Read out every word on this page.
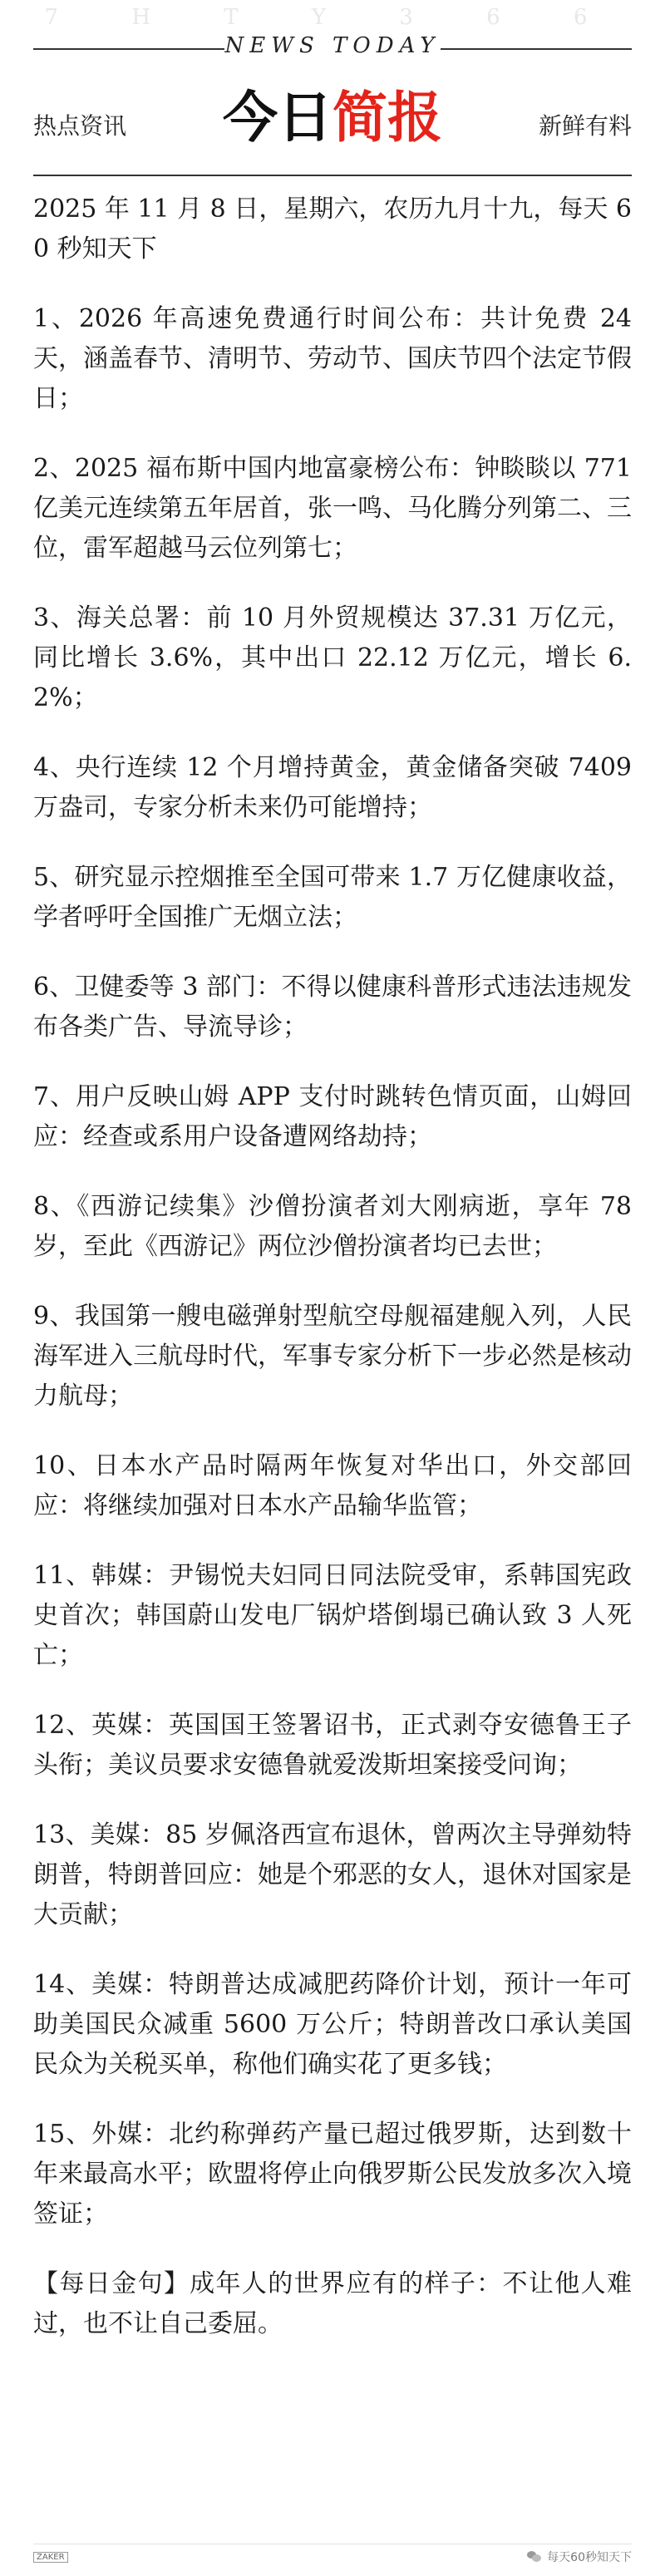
7 H T Y 3 6 6
NEWS TODAY
热点资讯	今日简报	新鲜有料

2025 年 11 月 8 日，星期六，农历九月十九，每天 60 秒知天下

1、2026 年高速免费通行时间公布：共计免费 24 天，涵盖春节、清明节、劳动节、国庆节四个法定节假日；

2、2025 福布斯中国内地富豪榜公布：钟睒睒以 771 亿美元连续第五年居首，张一鸣、马化腾分列第二、三位，雷军超越马云位列第七；

3、海关总署：前 10 月外贸规模达 37.31 万亿元，同比增长 3.6%，其中出口 22.12 万亿元，增长 6.2%；

4、央行连续 12 个月增持黄金，黄金储备突破 7409 万盎司，专家分析未来仍可能增持；

5、研究显示控烟推至全国可带来 1.7 万亿健康收益，学者呼吁全国推广无烟立法；

6、卫健委等 3 部门：不得以健康科普形式违法违规发布各类广告、导流导诊；

7、用户反映山姆 APP 支付时跳转色情页面，山姆回应：经查或系用户设备遭网络劫持；

8、《西游记续集》沙僧扮演者刘大刚病逝，享年 78 岁，至此《西游记》两位沙僧扮演者均已去世；

9、我国第一艘电磁弹射型航空母舰福建舰入列，人民海军进入三航母时代，军事专家分析下一步必然是核动力航母；

10、日本水产品时隔两年恢复对华出口，外交部回应：将继续加强对日本水产品输华监管；

11、韩媒：尹锡悦夫妇同日同法院受审，系韩国宪政史首次；韩国蔚山发电厂锅炉塔倒塌已确认致 3 人死亡；

12、英媒：英国国王签署诏书，正式剥夺安德鲁王子头衔；美议员要求安德鲁就爱泼斯坦案接受问询；

13、美媒：85 岁佩洛西宣布退休，曾两次主导弹劾特朗普，特朗普回应：她是个邪恶的女人，退休对国家是大贡献；

14、美媒：特朗普达成减肥药降价计划，预计一年可助美国民众减重 5600 万公斤；特朗普改口承认美国民众为关税买单，称他们确实花了更多钱；

15、外媒：北约称弹药产量已超过俄罗斯，达到数十年来最高水平；欧盟将停止向俄罗斯公民发放多次入境签证；

【每日金句】成年人的世界应有的样子：不让他人难过，也不让自己委屈。

ZAKER	每天60秒知天下
